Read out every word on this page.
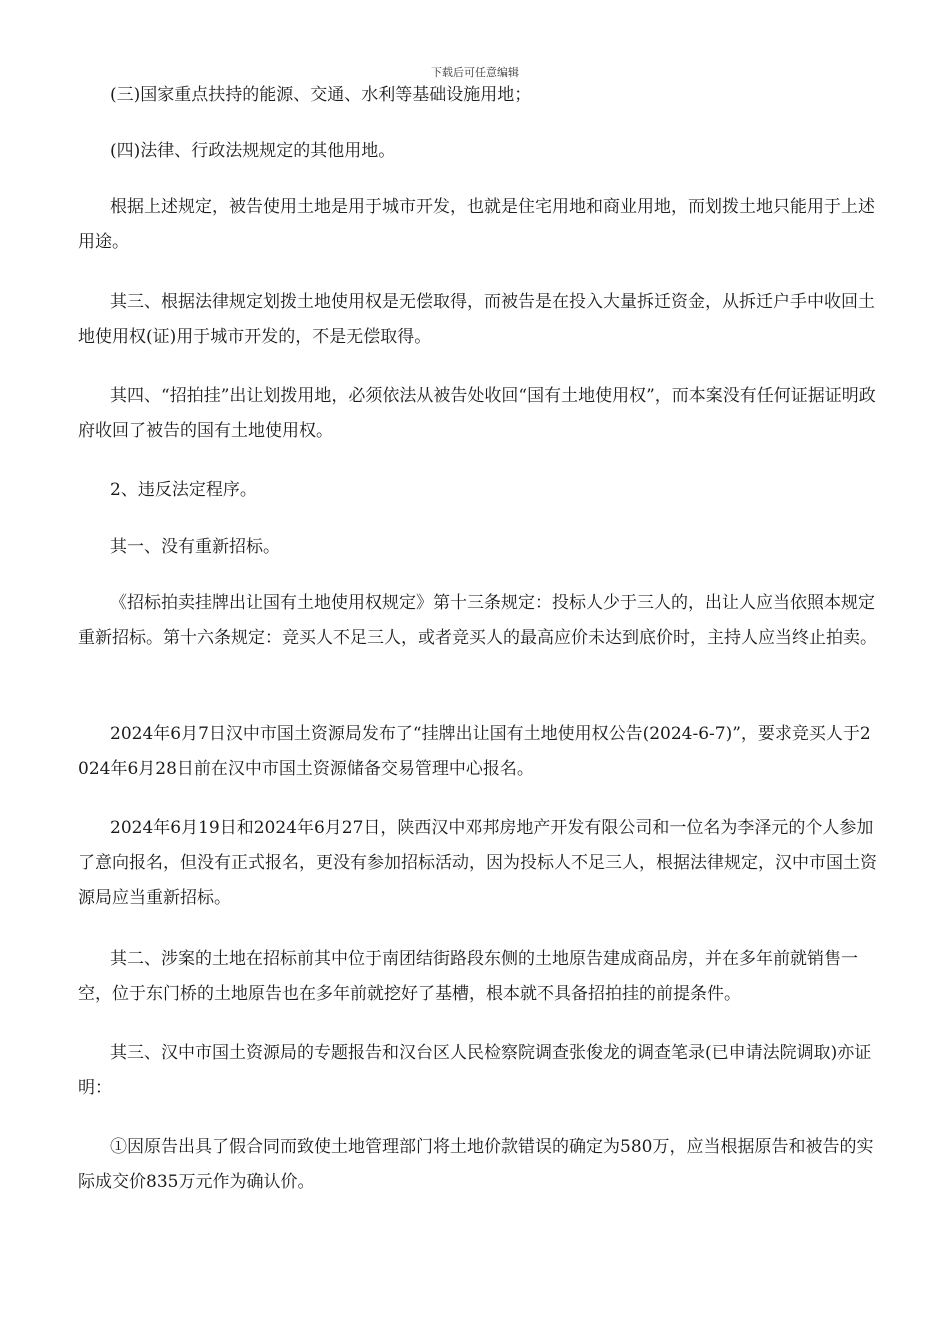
下载后可任意编辑

(三)国家重点扶持的能源、交通、水利等基础设施用地；

(四)法律、行政法规规定的其他用地。

根据上述规定，被告使用土地是用于城市开发，也就是住宅用地和商业用地，而划拨土地只能用于上述用途。

其三、根据法律规定划拨土地使用权是无偿取得，而被告是在投入大量拆迁资金，从拆迁户手中收回土地使用权(证)用于城市开发的，不是无偿取得。

其四、“招拍挂”出让划拨用地，必须依法从被告处收回“国有土地使用权”，而本案没有任何证据证明政府收回了被告的国有土地使用权。

2、违反法定程序。

其一、没有重新招标。

《招标拍卖挂牌出让国有土地使用权规定》第十三条规定：投标人少于三人的，出让人应当依照本规定重新招标。第十六条规定：竞买人不足三人，或者竞买人的最高应价未达到底价时，主持人应当终止拍卖。

2024年6月7日汉中市国土资源局发布了“挂牌出让国有土地使用权公告(2024-6-7)”，要求竞买人于2024年6月28日前在汉中市国土资源储备交易管理中心报名。

2024年6月19日和2024年6月27日，陕西汉中邓邦房地产开发有限公司和一位名为李泽元的个人参加了意向报名，但没有正式报名，更没有参加招标活动，因为投标人不足三人，根据法律规定，汉中市国土资源局应当重新招标。

其二、涉案的土地在招标前其中位于南团结街路段东侧的土地原告建成商品房，并在多年前就销售一空，位于东门桥的土地原告也在多年前就挖好了基槽，根本就不具备招拍挂的前提条件。

其三、汉中市国土资源局的专题报告和汉台区人民检察院调查张俊龙的调查笔录(已申请法院调取)亦证明：

①因原告出具了假合同而致使土地管理部门将土地价款错误的确定为580万，应当根据原告和被告的实际成交价835万元作为确认价。
